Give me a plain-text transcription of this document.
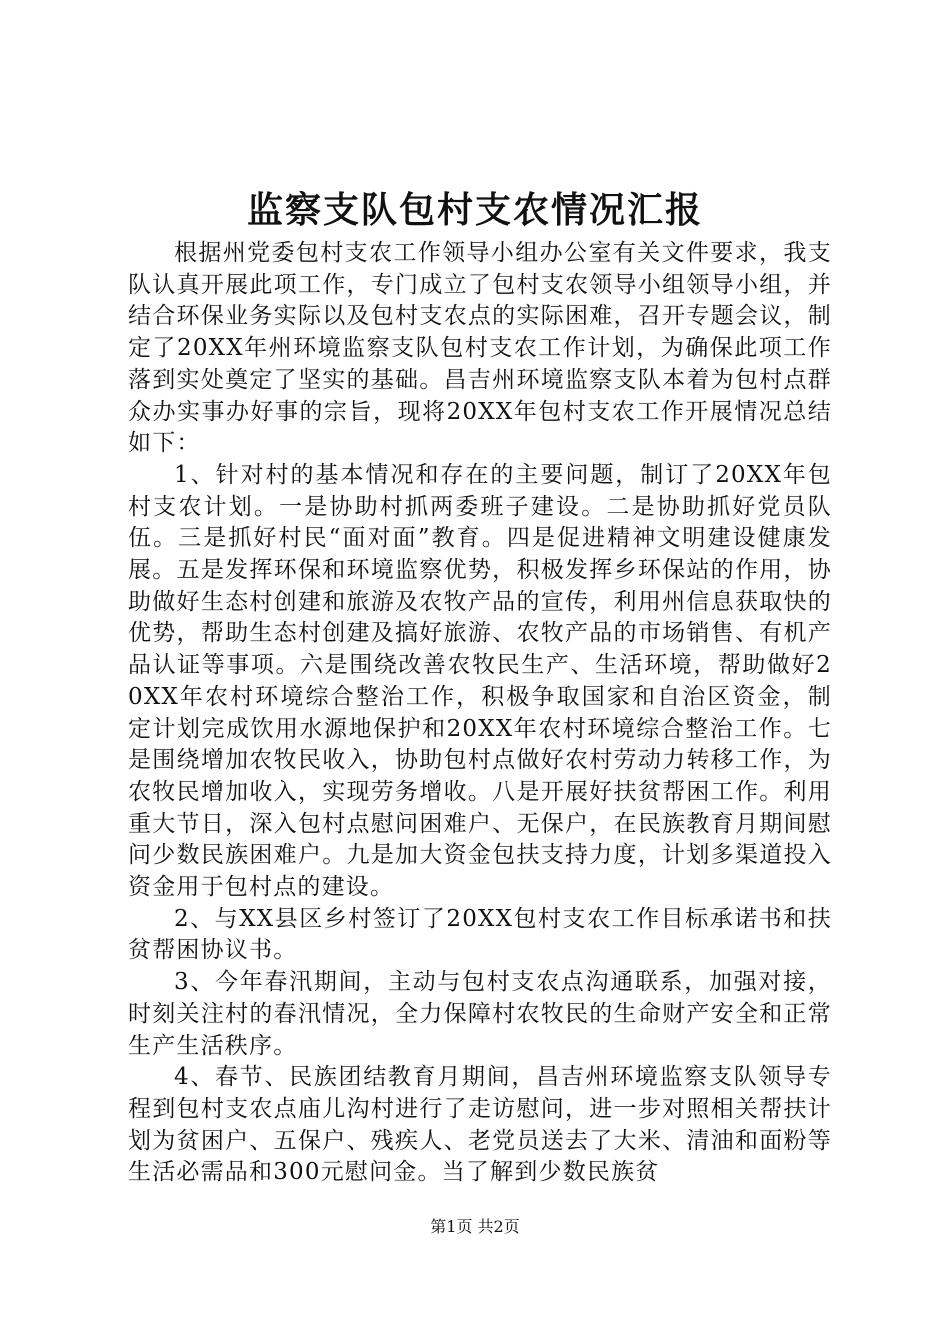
监察支队包村支农情况汇报

根据州党委包村支农工作领导小组办公室有关文件要求，我支队认真开展此项工作，专门成立了包村支农领导小组领导小组，并结合环保业务实际以及包村支农点的实际困难，召开专题会议，制定了20XX年州环境监察支队包村支农工作计划，为确保此项工作落到实处奠定了坚实的基础。昌吉州环境监察支队本着为包村点群众办实事办好事的宗旨，现将20XX年包村支农工作开展情况总结如下：

1、针对村的基本情况和存在的主要问题，制订了20XX年包村支农计划。一是协助村抓两委班子建设。二是协助抓好党员队伍。三是抓好村民“面对面”教育。四是促进精神文明建设健康发展。五是发挥环保和环境监察优势，积极发挥乡环保站的作用，协助做好生态村创建和旅游及农牧产品的宣传，利用州信息获取快的优势，帮助生态村创建及搞好旅游、农牧产品的市场销售、有机产品认证等事项。六是围绕改善农牧民生产、生活环境，帮助做好20XX年农村环境综合整治工作，积极争取国家和自治区资金，制定计划完成饮用水源地保护和20XX年农村环境综合整治工作。七是围绕增加农牧民收入，协助包村点做好农村劳动力转移工作，为农牧民增加收入，实现劳务增收。八是开展好扶贫帮困工作。利用重大节日，深入包村点慰问困难户、无保户，在民族教育月期间慰问少数民族困难户。九是加大资金包扶支持力度，计划多渠道投入资金用于包村点的建设。

2、与XX县区乡村签订了20XX包村支农工作目标承诺书和扶贫帮困协议书。

3、今年春汛期间，主动与包村支农点沟通联系，加强对接，时刻关注村的春汛情况，全力保障村农牧民的生命财产安全和正常生产生活秩序。

4、春节、民族团结教育月期间，昌吉州环境监察支队领导专程到包村支农点庙儿沟村进行了走访慰问，进一步对照相关帮扶计划为贫困户、五保户、残疾人、老党员送去了大米、清油和面粉等生活必需品和300元慰问金。当了解到少数民族贫

第1页 共2页
